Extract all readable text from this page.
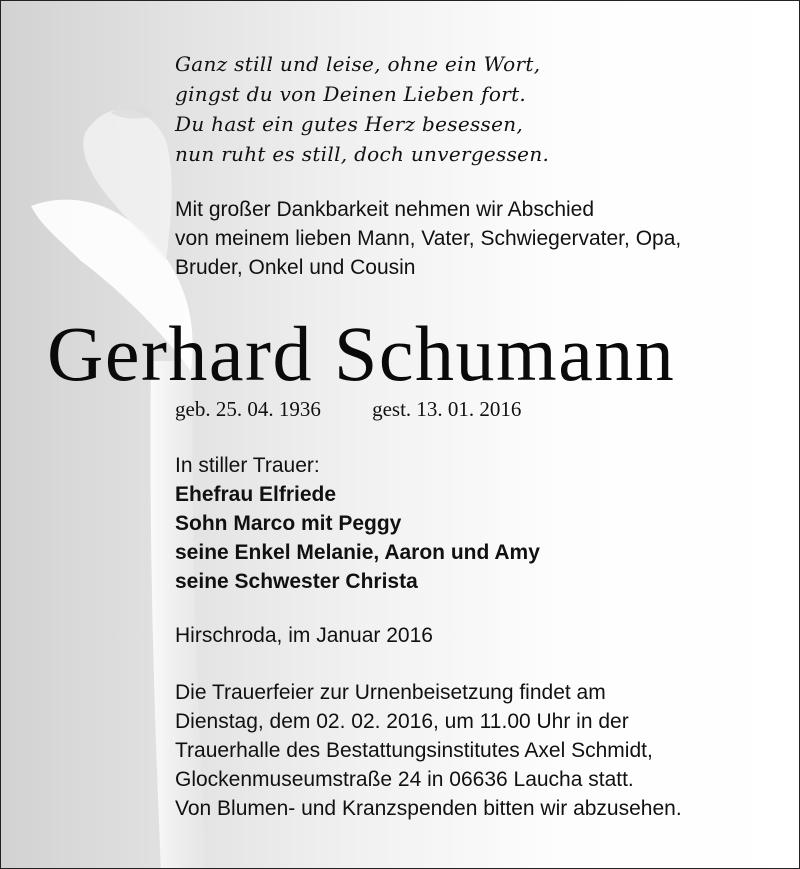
Ganz still und leise, ohne ein Wort,
gingst du von Deinen Lieben fort.
Du hast ein gutes Herz besessen,
nun ruht es still, doch unvergessen.
Mit großer Dankbarkeit nehmen wir Abschied
von meinem lieben Mann, Vater, Schwiegervater, Opa,
Bruder, Onkel und Cousin
Gerhard Schumann
geb. 25. 04. 1936 gest. 13. 01. 2016
In stiller Trauer:
Ehefrau Elfriede
Sohn Marco mit Peggy
seine Enkel Melanie, Aaron und Amy
seine Schwester Christa
Hirschroda, im Januar 2016
Die Trauerfeier zur Urnenbeisetzung findet am
Dienstag, dem 02. 02. 2016, um 11.00 Uhr in der
Trauerhalle des Bestattungsinstitutes Axel Schmidt,
Glockenmuseumstraße 24 in 06636 Laucha statt.
Von Blumen- und Kranzspenden bitten wir abzusehen.
